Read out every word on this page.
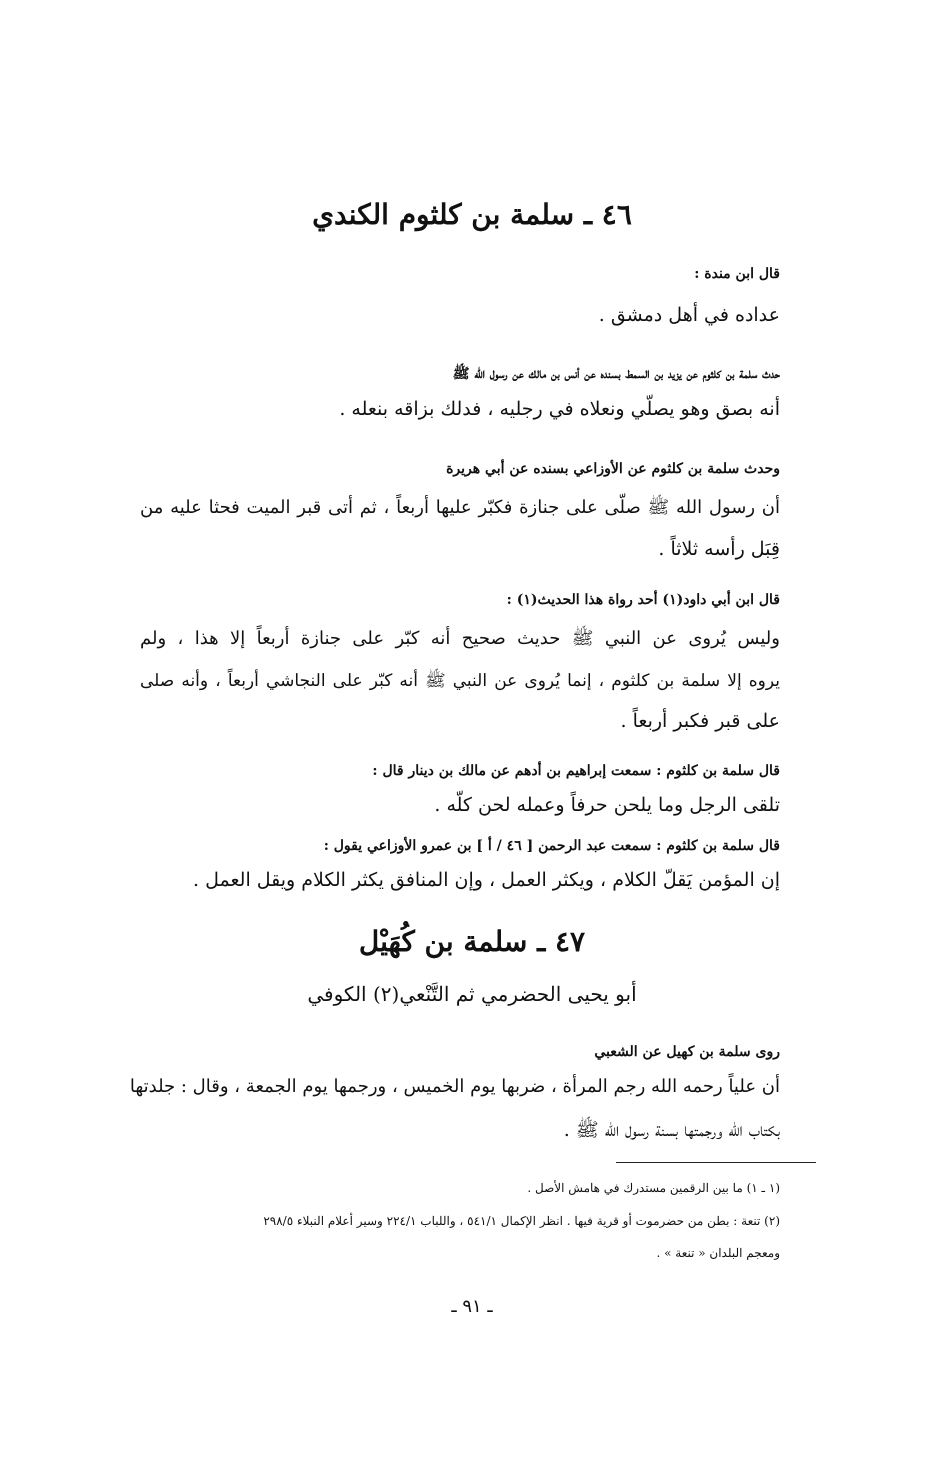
٤٦ ـ سلمة بن كلثوم الكندي
قال ابن مندة :
عداده في أهل دمشق .
حدث سلمة بن كلثوم عن يزيد بن السمط بسنده عن أنس بن مالك عن رسول الله ﷺ
أنه بصق وهو يصلّي ونعلاه في رجليه ، فدلك بزاقه بنعله .
وحدث سلمة بن كلثوم عن الأوزاعي بسنده عن أبي هريرة
أن رسول الله ﷺ صلّى على جنازة فكبّر عليها أربعاً ، ثم أتى قبر الميت فحثا عليه من
قِبَل رأسه ثلاثاً .
قال ابن أبي داود(١) أحد رواة هذا الحديث(١) :
وليس يُروى عن النبي ﷺ حديث صحيح أنه كبّر على جنازة أربعاً إلا هذا ، ولم
يروه إلا سلمة بن كلثوم ، إنما يُروى عن النبي ﷺ أنه كبّر على النجاشي أربعاً ، وأنه صلى
على قبر فكبر أربعاً .
قال سلمة بن كلثوم : سمعت إبراهيم بن أدهم عن مالك بن دينار قال :
تلقى الرجل وما يلحن حرفاً وعمله لحن كلّه .
قال سلمة بن كلثوم : سمعت عبد الرحمن [ ٤٦ / أ ] بن عمرو الأوزاعي يقول :
إن المؤمن يَقلّ الكلام ، ويكثر العمل ، وإن المنافق يكثر الكلام ويقل العمل .
٤٧ ـ سلمة بن كُهَيْل
أبو يحيى الحضرمي ثم التَّنْعي(٢) الكوفي
روى سلمة بن كهيل عن الشعبي
أن علياً رحمه الله رجم المرأة ، ضربها يوم الخميس ، ورجمها يوم الجمعة ، وقال : جلدتها
بكتاب الله ورجمتها بسنة رسول الله ﷺ .
(١ ـ ١) ما بين الرقمين مستدرك في هامش الأصل .
(٢) تنعة : بطن من حضرموت أو قرية فيها . انظر الإكمال ٥٤١/١ ، واللباب ٢٢٤/١ وسير أعلام النبلاء ٢٩٨/٥
ومعجم البلدان « تنعة » .
ـ ٩١ ـ
